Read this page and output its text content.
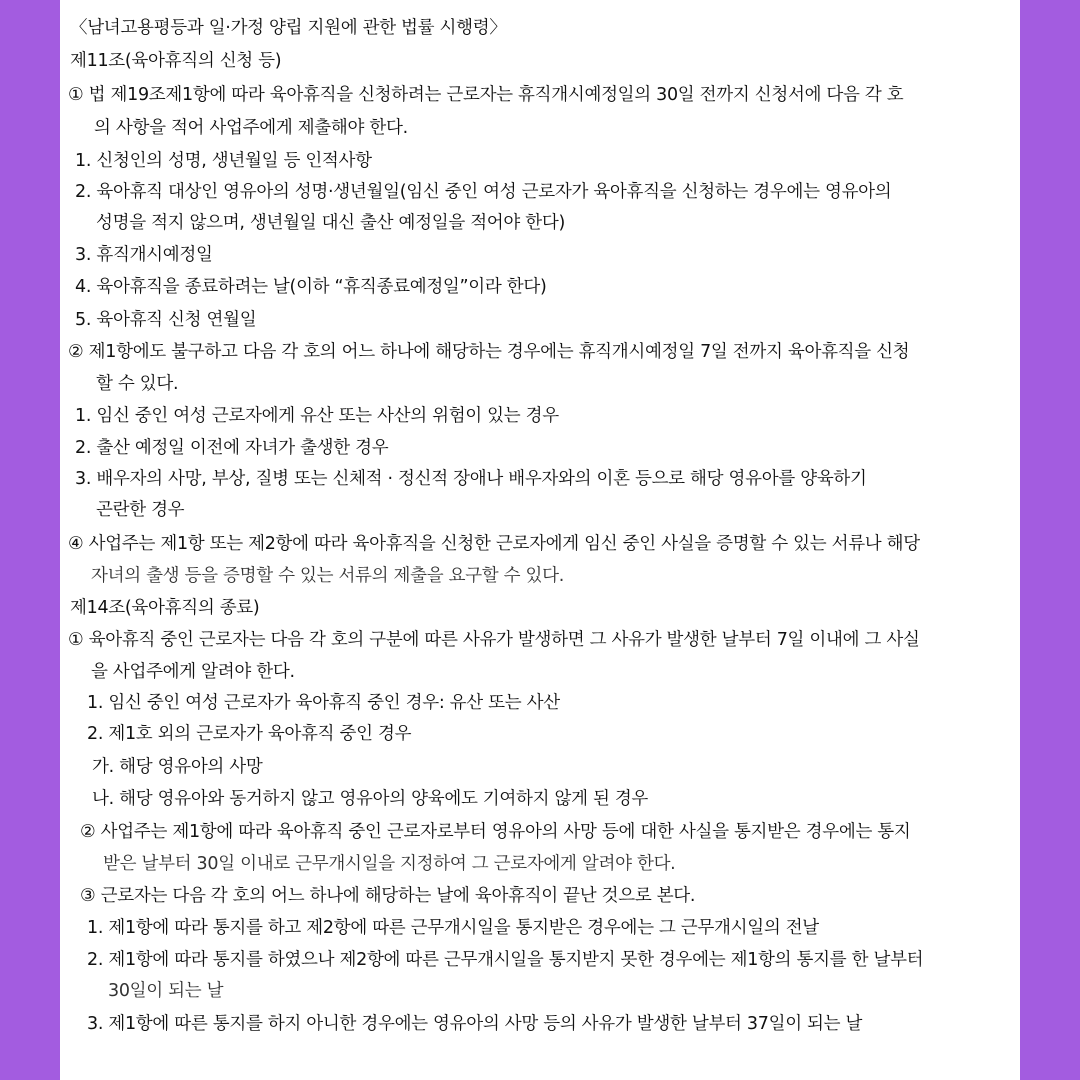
〈남녀고용평등과 일·가정 양립 지원에 관한 법률 시행령〉
제11조(육아휴직의 신청 등)
① 법 제19조제1항에 따라 육아휴직을 신청하려는 근로자는 휴직개시예정일의 30일 전까지 신청서에 다음 각 호
의 사항을 적어 사업주에게 제출해야 한다.
1. 신청인의 성명, 생년월일 등 인적사항
2. 육아휴직 대상인 영유아의 성명·생년월일(임신 중인 여성 근로자가 육아휴직을 신청하는 경우에는 영유아의
성명을 적지 않으며, 생년월일 대신 출산 예정일을 적어야 한다)
3. 휴직개시예정일
4. 육아휴직을 종료하려는 날(이하 “휴직종료예정일”이라 한다)
5. 육아휴직 신청 연월일
② 제1항에도 불구하고 다음 각 호의 어느 하나에 해당하는 경우에는 휴직개시예정일 7일 전까지 육아휴직을 신청
할 수 있다.
1. 임신 중인 여성 근로자에게 유산 또는 사산의 위험이 있는 경우
2. 출산 예정일 이전에 자녀가 출생한 경우
3. 배우자의 사망, 부상, 질병 또는 신체적 · 정신적 장애나 배우자와의 이혼 등으로 해당 영유아를 양육하기
곤란한 경우
④ 사업주는 제1항 또는 제2항에 따라 육아휴직을 신청한 근로자에게 임신 중인 사실을 증명할 수 있는 서류나 해당
자녀의 출생 등을 증명할 수 있는 서류의 제출을 요구할 수 있다.
제14조(육아휴직의 종료)
① 육아휴직 중인 근로자는 다음 각 호의 구분에 따른 사유가 발생하면 그 사유가 발생한 날부터 7일 이내에 그 사실
을 사업주에게 알려야 한다.
1. 임신 중인 여성 근로자가 육아휴직 중인 경우: 유산 또는 사산
2. 제1호 외의 근로자가 육아휴직 중인 경우
가. 해당 영유아의 사망
나. 해당 영유아와 동거하지 않고 영유아의 양육에도 기여하지 않게 된 경우
② 사업주는 제1항에 따라 육아휴직 중인 근로자로부터 영유아의 사망 등에 대한 사실을 통지받은 경우에는 통지
받은 날부터 30일 이내로 근무개시일을 지정하여 그 근로자에게 알려야 한다.
③ 근로자는 다음 각 호의 어느 하나에 해당하는 날에 육아휴직이 끝난 것으로 본다.
1. 제1항에 따라 통지를 하고 제2항에 따른 근무개시일을 통지받은 경우에는 그 근무개시일의 전날
2. 제1항에 따라 통지를 하였으나 제2항에 따른 근무개시일을 통지받지 못한 경우에는 제1항의 통지를 한 날부터
30일이 되는 날
3. 제1항에 따른 통지를 하지 아니한 경우에는 영유아의 사망 등의 사유가 발생한 날부터 37일이 되는 날
